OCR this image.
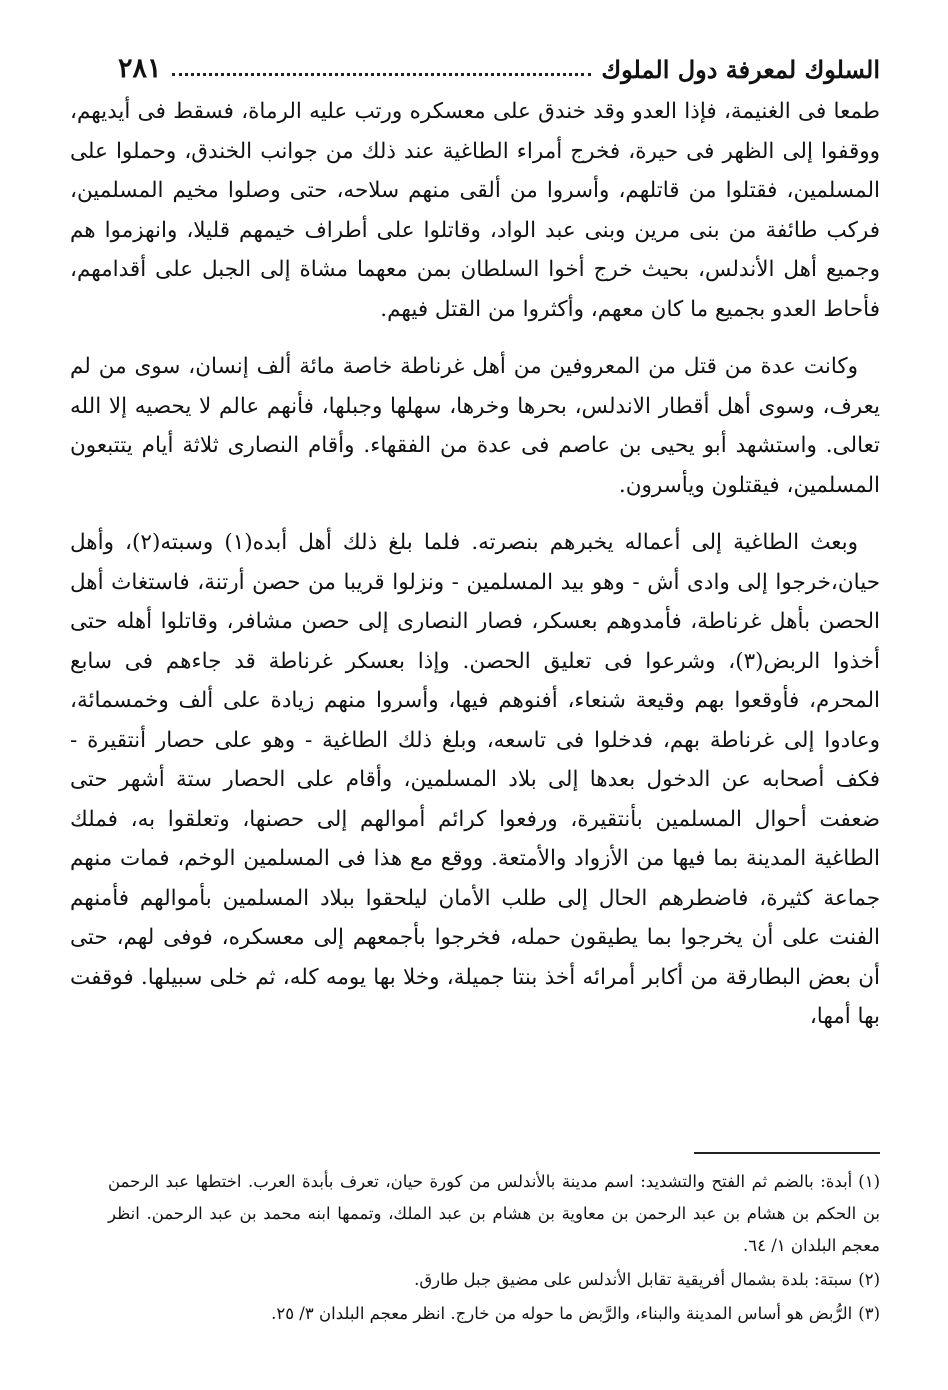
السلوك لمعرفة دول الملوك
٢٨١

طمعا فى الغنيمة، فإذا العدو وقد خندق على معسكره ورتب عليه الرماة، فسقط فى أيديهم، ووقفوا إلى الظهر فى حيرة، فخرج أمراء الطاغية عند ذلك من جوانب الخندق، وحملوا على المسلمين، فقتلوا من قاتلهم، وأسروا من ألقى منهم سلاحه، حتى وصلوا مخيم المسلمين، فركب طائفة من بنى مرين وبنى عبد الواد، وقاتلوا على أطراف خيمهم قليلا، وانهزموا هم وجميع أهل الأندلس، بحيث خرج أخوا السلطان بمن معهما مشاة إلى الجبل على أقدامهم، فأحاط العدو بجميع ما كان معهم، وأكثروا من القتل فيهم.

وكانت عدة من قتل من المعروفين من أهل غرناطة خاصة مائة ألف إنسان، سوى من لم يعرف، وسوى أهل أقطار الاندلس، بحرها وخرها، سهلها وجبلها، فأنهم عالم لا يحصيه إلا الله تعالى. واستشهد أبو يحيى بن عاصم فى عدة من الفقهاء. وأقام النصارى ثلاثة أيام يتتبعون المسلمين، فيقتلون ويأسرون.

وبعث الطاغية إلى أعماله يخبرهم بنصرته. فلما بلغ ذلك أهل أبده(١) وسبته(٢)، وأهل حيان،خرجوا إلى وادى أش - وهو بيد المسلمين - ونزلوا قريبا من حصن أرتنة، فاستغاث أهل الحصن بأهل غرناطة، فأمدوهم بعسكر، فصار النصارى إلى حصن مشافر، وقاتلوا أهله حتى أخذوا الربض(٣)، وشرعوا فى تعليق الحصن. وإذا بعسكر غرناطة قد جاءهم فى سابع المحرم، فأوقعوا بهم وقيعة شنعاء، أفنوهم فيها، وأسروا منهم زيادة على ألف وخمسمائة، وعادوا إلى غرناطة بهم، فدخلوا فى تاسعه، وبلغ ذلك الطاغية - وهو على حصار أنتقيرة - فكف أصحابه عن الدخول بعدها إلى بلاد المسلمين، وأقام على الحصار ستة أشهر حتى ضعفت أحوال المسلمين بأنتقيرة، ورفعوا كرائم أموالهم إلى حصنها، وتعلقوا به، فملك الطاغية المدينة بما فيها من الأزواد والأمتعة. ووقع مع هذا فى المسلمين الوخم، فمات منهم جماعة كثيرة، فاضطرهم الحال إلى طلب الأمان ليلحقوا ببلاد المسلمين بأموالهم فأمنهم الفنت على أن يخرجوا بما يطيقون حمله، فخرجوا بأجمعهم إلى معسكره، فوفى لهم، حتى أن بعض البطارقة من أكابر أمرائه أخذ بنتا جميلة، وخلا بها يومه كله، ثم خلى سبيلها. فوقفت بها أمها،

(١)أبدة: بالضم ثم الفتح والتشديد: اسم مدينة بالأندلس من كورة حيان، تعرف بأبدة العرب. اختطها عبد الرحمن بن الحكم بن هشام بن عبد الرحمن بن معاوية بن هشام بن عبد الملك، وتممها ابنه محمد بن عبد الرحمن. انظر معجم البلدان ١/ ٦٤.

(٢)سبتة: بلدة بشمال أفريقية تقابل الأندلس على مضيق جبل طارق.

(٣)الرُّبض هو أساس المدينة والبناء، والرَّبض ما حوله من خارج. انظر معجم البلدان ٣/ ٢٥.
